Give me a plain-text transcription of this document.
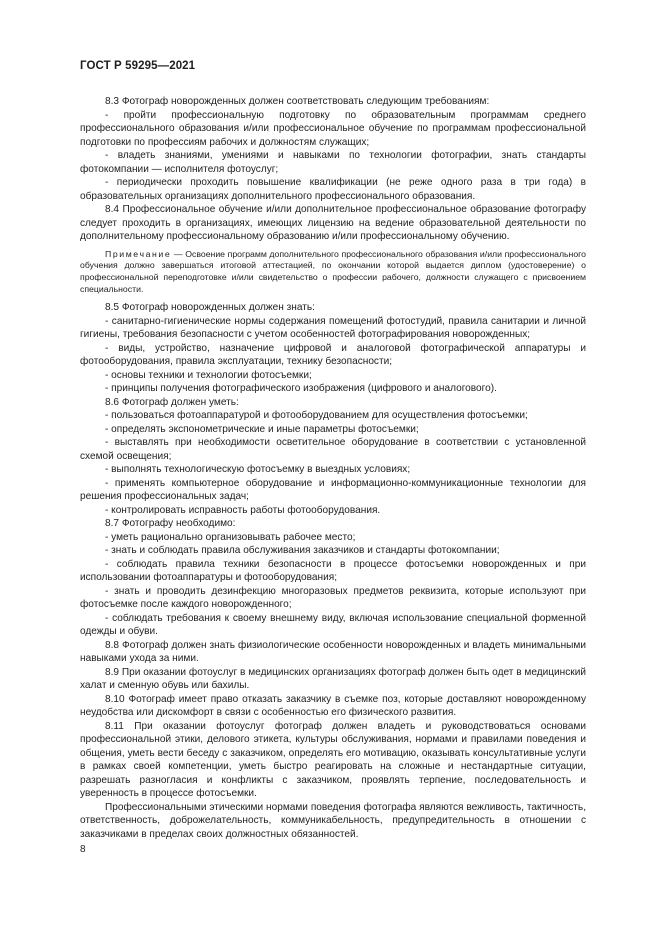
ГОСТ Р 59295—2021

8.3 Фотограф новорожденных должен соответствовать следующим требованиям:

- пройти профессиональную подготовку по образовательным программам среднего профессионального образования и/или профессиональное обучение по программам профессиональной подготовки по профессиям рабочих и должностям служащих;

- владеть знаниями, умениями и навыками по технологии фотографии, знать стандарты фотокомпании — исполнителя фотоуслуг;

- периодически проходить повышение квалификации (не реже одного раза в три года) в образовательных организациях дополнительного профессионального образования.

8.4 Профессиональное обучение и/или дополнительное профессиональное образование фотографу следует проходить в организациях, имеющих лицензию на ведение образовательной деятельности по дополнительному профессиональному образованию и/или профессиональному обучению.

Примечание — Освоение программ дополнительного профессионального образования и/или профессионального обучения должно завершаться итоговой аттестацией, по окончании которой выдается диплом (удостоверение) о профессиональной переподготовке и/или свидетельство о профессии рабочего, должности служащего с присвоением специальности.

8.5 Фотограф новорожденных должен знать:

- санитарно-гигиенические нормы содержания помещений фотостудий, правила санитарии и личной гигиены, требования безопасности с учетом особенностей фотографирования новорожденных;

- виды, устройство, назначение цифровой и аналоговой фотографической аппаратуры и фотооборудования, правила эксплуатации, технику безопасности;

- основы техники и технологии фотосъемки;

- принципы получения фотографического изображения (цифрового и аналогового).

8.6 Фотограф должен уметь:

- пользоваться фотоаппаратурой и фотооборудованием для осуществления фотосъемки;

- определять экспонометрические и иные параметры фотосъемки;

- выставлять при необходимости осветительное оборудование в соответствии с установленной схемой освещения;

- выполнять технологическую фотосъемку в выездных условиях;

- применять компьютерное оборудование и информационно-коммуникационные технологии для решения профессиональных задач;

- контролировать исправность работы фотооборудования.

8.7 Фотографу необходимо:

- уметь рационально организовывать рабочее место;

- знать и соблюдать правила обслуживания заказчиков и стандарты фотокомпании;

- соблюдать правила техники безопасности в процессе фотосъемки новорожденных и при использовании фотоаппаратуры и фотооборудования;

- знать и проводить дезинфекцию многоразовых предметов реквизита, которые используют при фотосъемке после каждого новорожденного;

- соблюдать требования к своему внешнему виду, включая использование специальной форменной одежды и обуви.

8.8 Фотограф должен знать физиологические особенности новорожденных и владеть минимальными навыками ухода за ними.

8.9 При оказании фотоуслуг в медицинских организациях фотограф должен быть одет в медицинский халат и сменную обувь или бахилы.

8.10 Фотограф имеет право отказать заказчику в съемке поз, которые доставляют новорожденному неудобства или дискомфорт в связи с особенностью его физического развития.

8.11 При оказании фотоуслуг фотограф должен владеть и руководствоваться основами профессиональной этики, делового этикета, культуры обслуживания, нормами и правилами поведения и общения, уметь вести беседу с заказчиком, определять его мотивацию, оказывать консультативные услуги в рамках своей компетенции, уметь быстро реагировать на сложные и нестандартные ситуации, разрешать разногласия и конфликты с заказчиком, проявлять терпение, последовательность и уверенность в процессе фотосъемки.

Профессиональными этическими нормами поведения фотографа являются вежливость, тактичность, ответственность, доброжелательность, коммуникабельность, предупредительность в отношении с заказчиками в пределах своих должностных обязанностей.

8
